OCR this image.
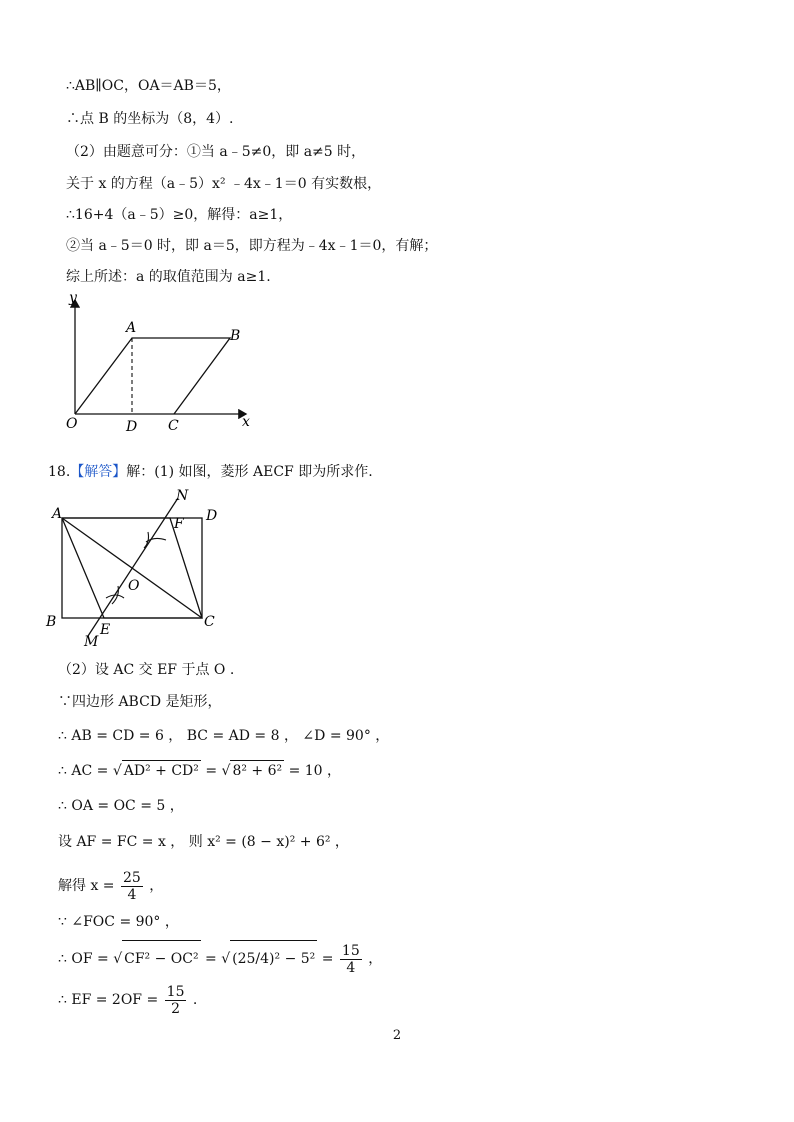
∴AB∥OC，OA＝AB＝5，
∴点 B 的坐标为（8，4）.
（2）由题意可分：①当 a﹣5≠0，即 a≠5 时，
关于 x 的方程（a﹣5）x² ﹣4x﹣1＝0 有实数根，
∴16+4（a﹣5）≥0，解得：a≥1，
②当 a﹣5＝0 时，即 a＝5，即方程为﹣4x﹣1＝0，有解；
综上所述：a 的取值范围为 a≥1.
y
x
O
A	B
D C
18.【解答】解：(1) 如图，菱形 AECF 即为所求作.
A	D
B	C
N
F
O
E
M
（2）设 AC 交 EF 于点 O .
∵四边形 ABCD 是矩形，
∴ AB = CD = 6 ， BC = AD = 8 ， ∠D = 90° ，
∴ AC = √ AD² + CD² = √ 8² + 6² = 10 ，
∴ OA = OC = 5 ，
设 AF = FC = x ， 则 x² = (8 − x)² + 6² ，
解得 $x = \frac{25}{4}$ ，
∵ ∠FOC = 90° ，
∴ OF = √ CF² − OC² = √ $(25/4)^2 - 5^2 = \frac{15}{4}$ ，
∴ EF = $2OF = \frac{15}{2}$ .
2
